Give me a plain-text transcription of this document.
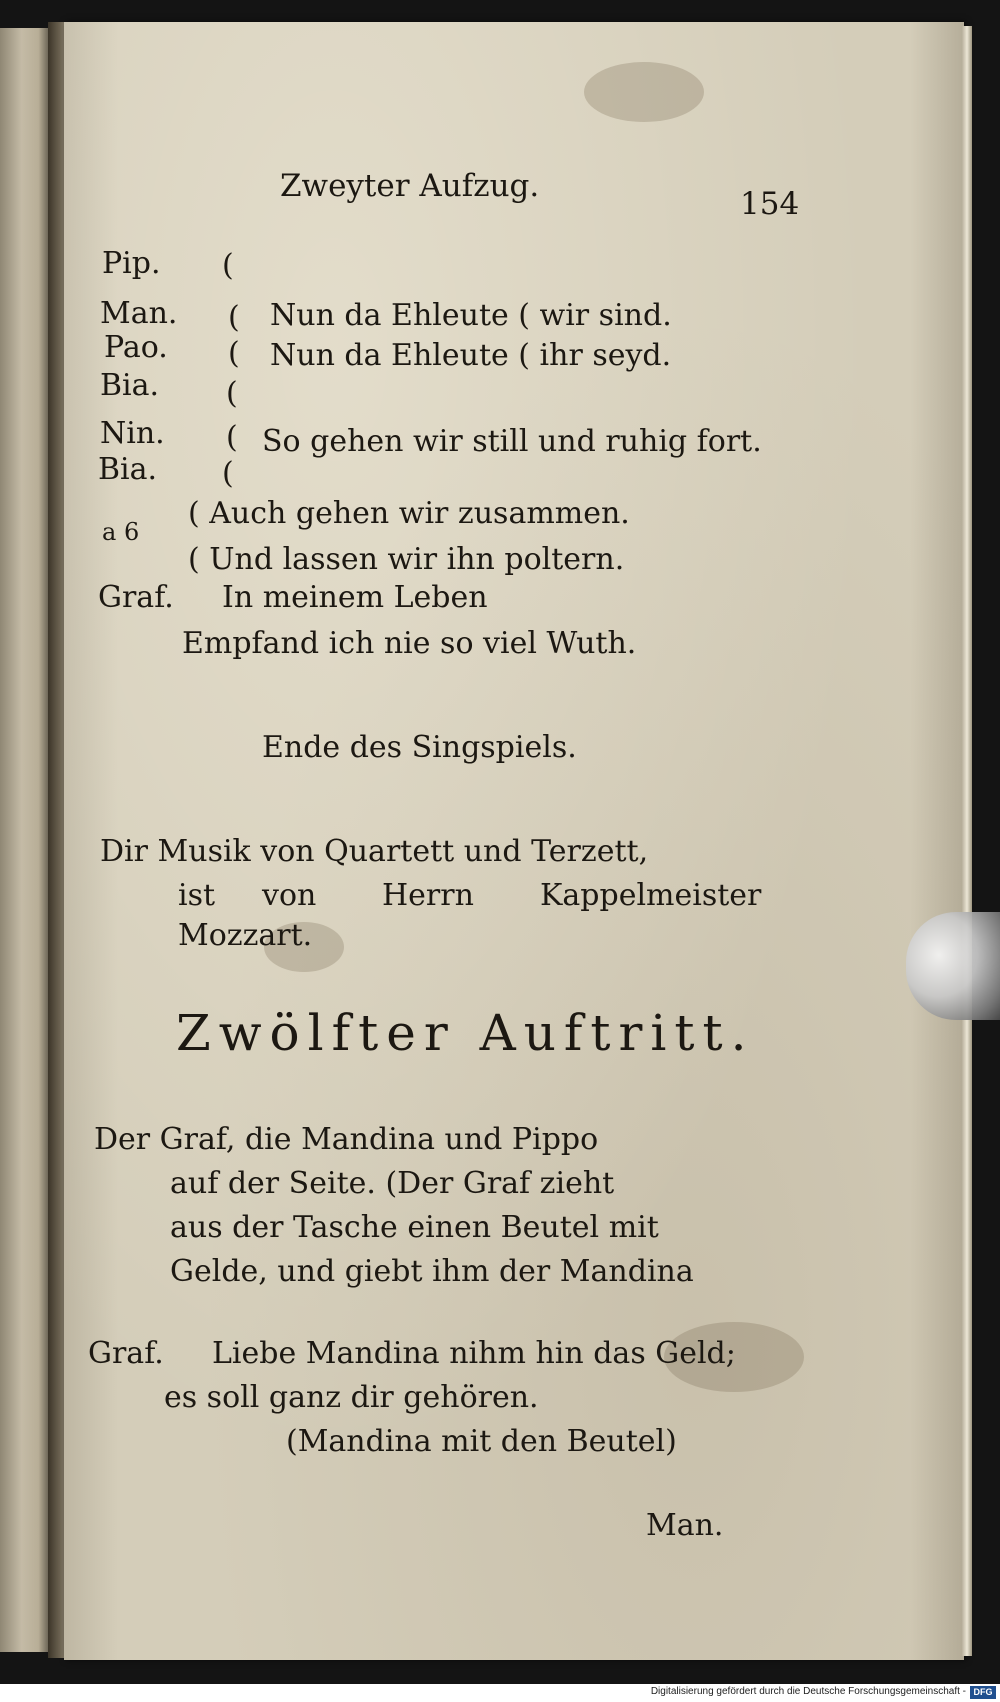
Zweyter Aufzug.	154
Pip.
Man.
Pao.
Bia.
Nin.
Bia.
(
(
(
(
(
(
Nun da Ehleute ( wir sind.
Nun da Ehleute ( ihr seyd.
So gehen wir still und ruhig fort.
a 6
( Auch gehen wir zusammen.
( Und lassen wir ihn poltern.
Graf. In meinem Leben
Empfand ich nie so viel Wuth.
Ende des Singspiels.
Dir Musik von Quartett und Terzett,
ist von Herrn Kappelmeister
Mozzart.
Zwölfter Auftritt.
Der Graf, die Mandina und Pippo
auf der Seite. (Der Graf zieht
aus der Tasche einen Beutel mit
Gelde, und giebt ihm der Mandina
Graf. Liebe Mandina nihm hin das Geld;
es soll ganz dir gehören.
(Mandina mit den Beutel)
Man.
Digitalisierung gefördert durch die Deutsche Forschungsgemeinschaft - DFG
